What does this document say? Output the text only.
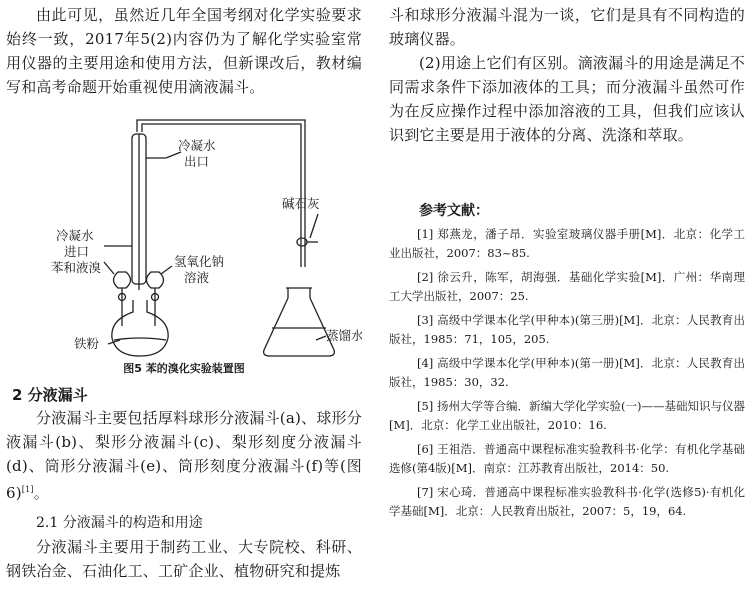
由此可见，虽然近几年全国考纲对化学实验要求始终一致，2017年5(2)内容仍为了解化学实验室常用仪器的主要用途和使用方法，但新课改后，教材编写和高考命题开始重视使用滴液漏斗。

冷凝水
出口
冷凝水
进口
苯和液溴	氢氧化钠
溶液
碱石灰
铁粉
蒸馏水
图5 苯的溴化实验装置图
2 分液漏斗

分液漏斗主要包括厚料球形分液漏斗(a)、球形分液漏斗(b)、梨形分液漏斗(c)、梨形刻度分液漏斗(d)、筒形分液漏斗(e)、筒形刻度分液漏斗(f)等(图6)[1]。

2.1 分液漏斗的构造和用途

分液漏斗主要用于制药工业、大专院校、科研、钢铁冶金、石油化工、工矿企业、植物研究和提炼

斗和球形分液漏斗混为一谈，它们是具有不同构造的玻璃仪器。

(2)用途上它们有区别。滴液漏斗的用途是满足不同需求条件下添加液体的工具；而分液漏斗虽然可作为在反应操作过程中添加溶液的工具，但我们应该认识到它主要是用于液体的分离、洗涤和萃取。

参考文献：

[1] 郑燕龙，潘子昂．实验室玻璃仪器手册[M]．北京：化学工业出版社，2007：83~85.

[2] 徐云升，陈军，胡海强．基础化学实验[M]．广州：华南理工大学出版社，2007：25.

[3] 高级中学课本化学(甲种本)(第三册)[M]．北京：人民教育出版社，1985：71，105，205.

[4] 高级中学课本化学(甲种本)(第一册)[M]．北京：人民教育出版社，1985：30，32.

[5] 扬州大学等合编．新编大学化学实验(一)——基础知识与仪器[M]．北京：化学工业出版社，2010：16.

[6] 王祖浩．普通高中课程标准实验教科书·化学：有机化学基础选修(第4版)[M]．南京：江苏教育出版社，2014：50.

[7] 宋心琦．普通高中课程标准实验教科书·化学(选修5)·有机化学基础[M]．北京：人民教育出版社，2007：5，19，64.
